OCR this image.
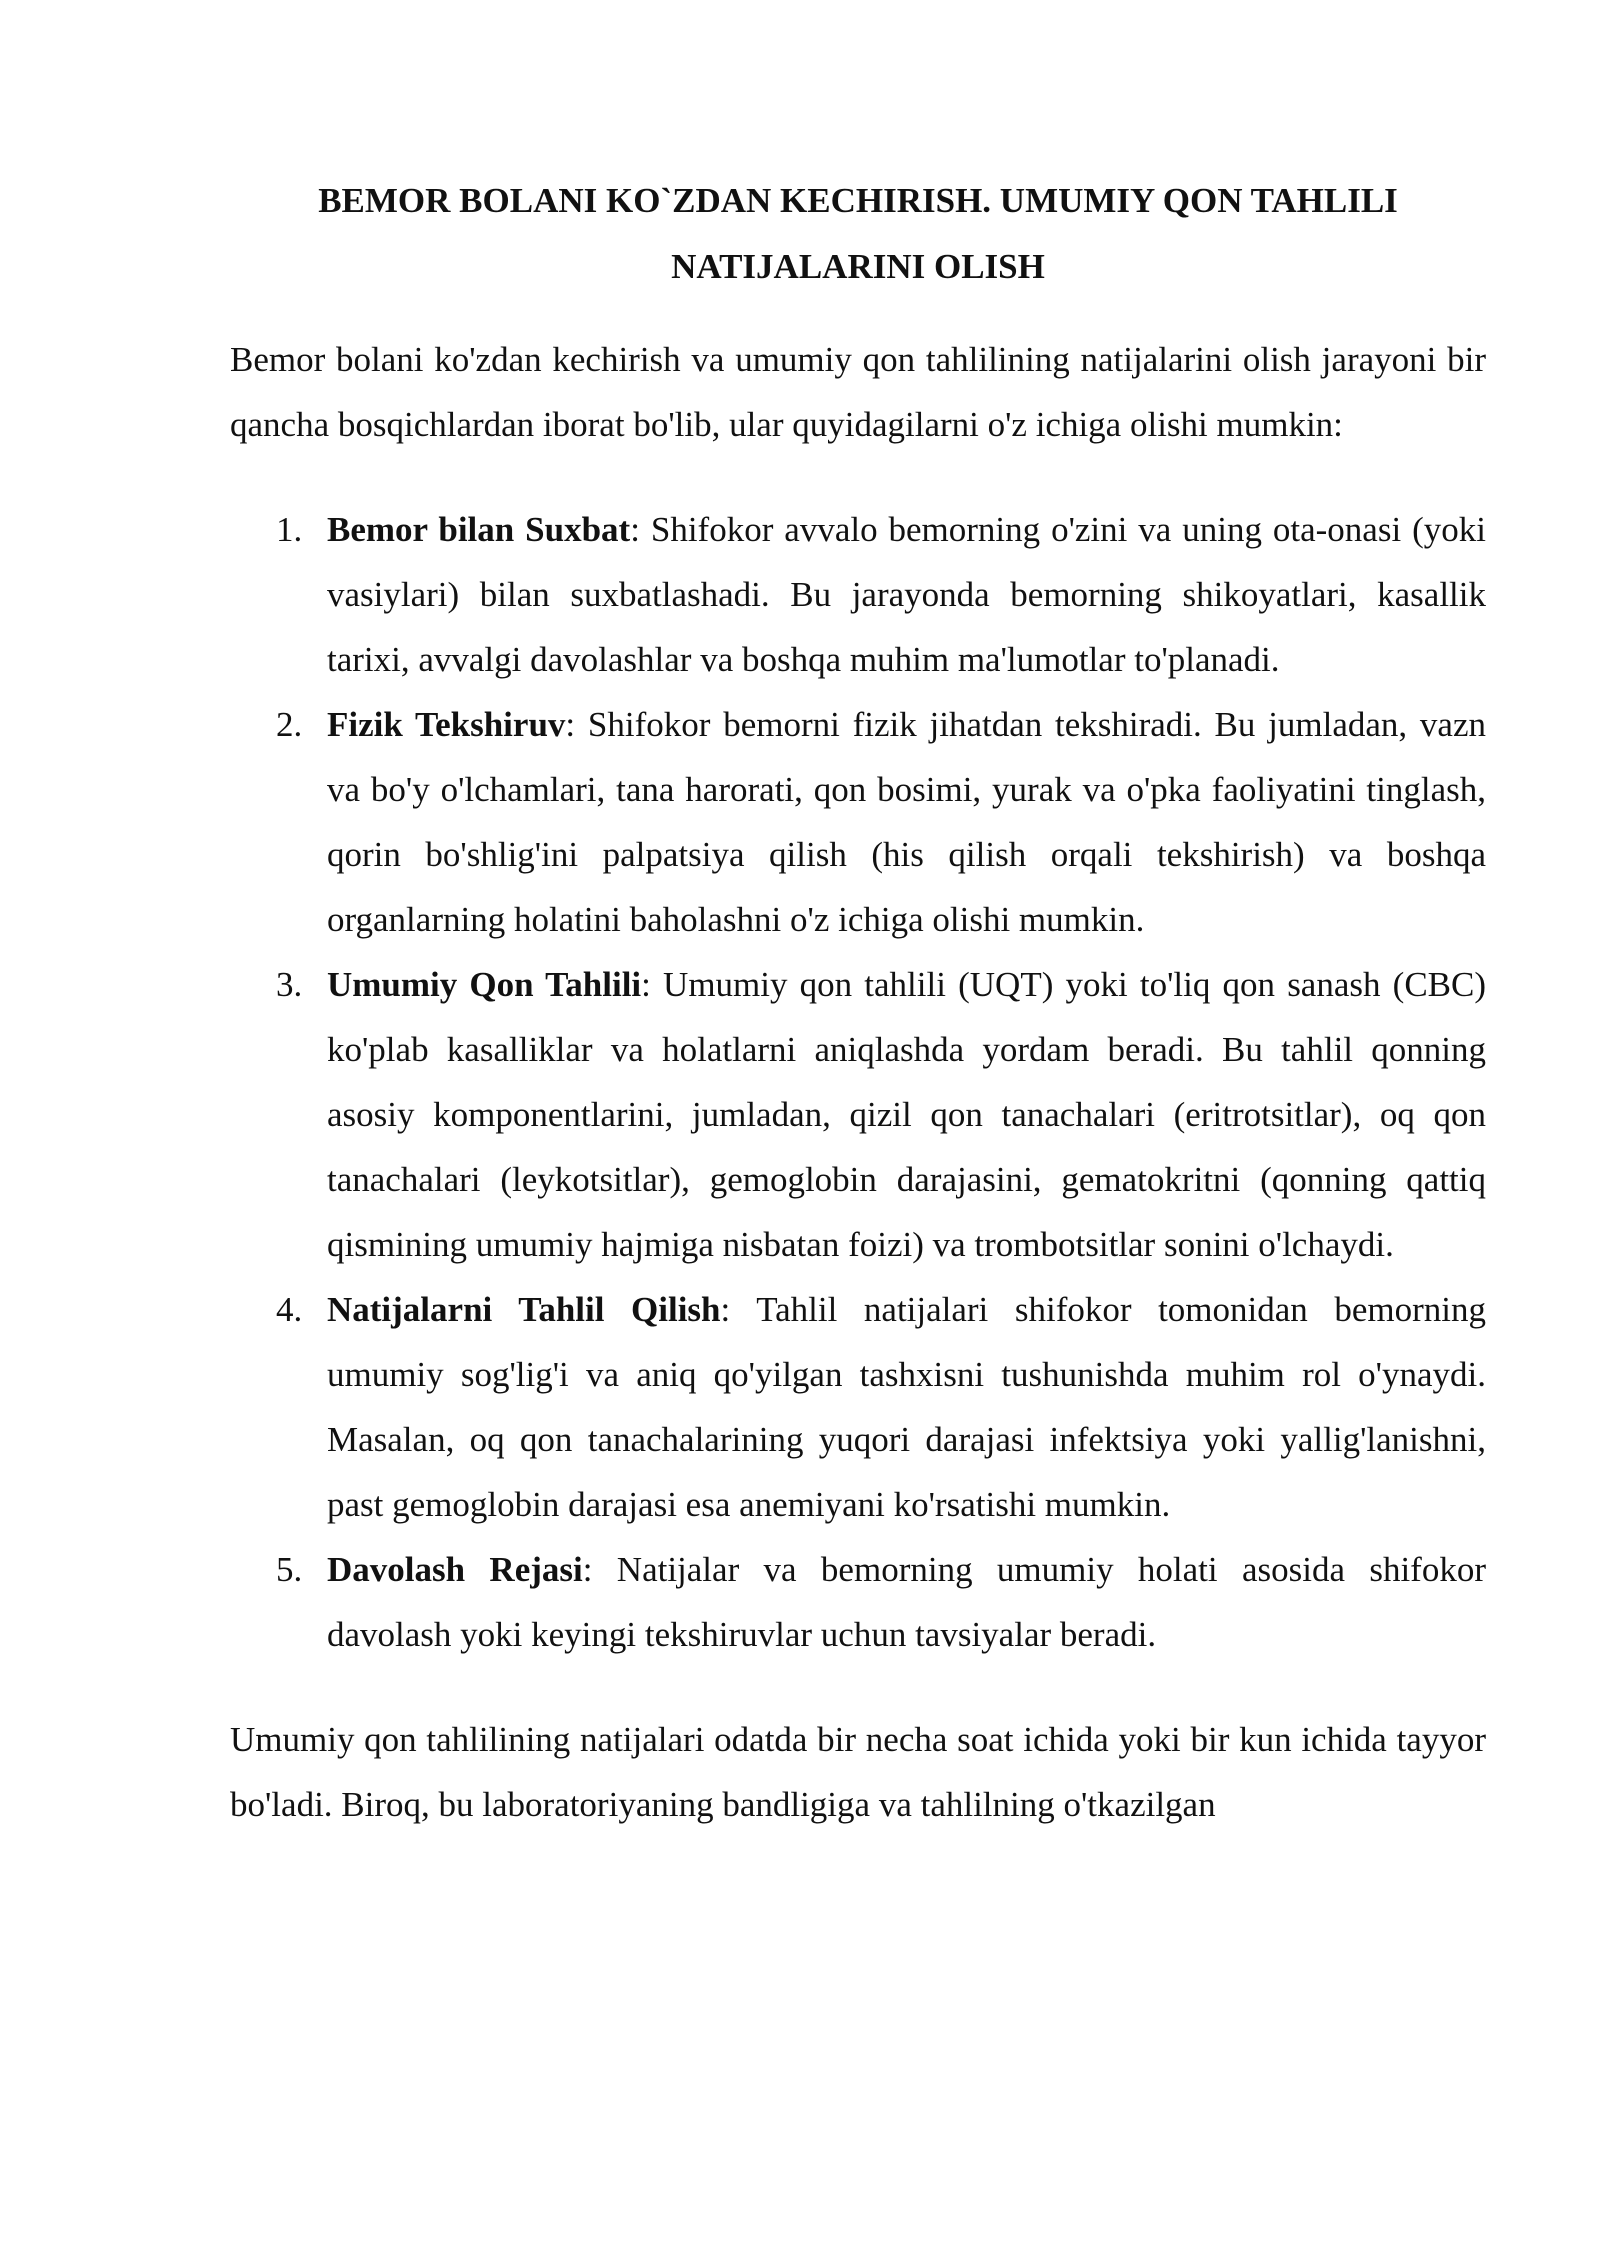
BEMOR BOLANI KO`ZDAN KECHIRISH. UMUMIY QON TAHLILI NATIJALARINI OLISH

Bemor bolani ko'zdan kechirish va umumiy qon tahlilining natijalarini olish jarayoni bir qancha bosqichlardan iborat bo'lib, ular quyidagilarni o'z ichiga olishi mumkin:

1. Bemor bilan Suxbat: Shifokor avvalo bemorning o'zini va uning ota-onasi (yoki vasiylari) bilan suxbatlashadi. Bu jarayonda bemorning shikoyatlari, kasallik tarixi, avvalgi davolashlar va boshqa muhim ma'lumotlar to'planadi.
2. Fizik Tekshiruv: Shifokor bemorni fizik jihatdan tekshiradi. Bu jumladan, vazn va bo'y o'lchamlari, tana harorati, qon bosimi, yurak va o'pka faoliyatini tinglash, qorin bo'shlig'ini palpatsiya qilish (his qilish orqali tekshirish) va boshqa organlarning holatini baholashni o'z ichiga olishi mumkin.
3. Umumiy Qon Tahlili: Umumiy qon tahlili (UQT) yoki to'liq qon sanash (CBC) ko'plab kasalliklar va holatlarni aniqlashda yordam beradi. Bu tahlil qonning asosiy komponentlarini, jumladan, qizil qon tanachalari (eritrotsitlar), oq qon tanachalari (leykotsitlar), gemoglobin darajasini, gematokritni (qonning qattiq qismining umumiy hajmiga nisbatan foizi) va trombotsitlar sonini o'lchaydi.
4. Natijalarni Tahlil Qilish: Tahlil natijalari shifokor tomonidan bemorning umumiy sog'lig'i va aniq qo'yilgan tashxisni tushunishda muhim rol o'ynaydi. Masalan, oq qon tanachalarining yuqori darajasi infektsiya yoki yallig'lanishni, past gemoglobin darajasi esa anemiyani ko'rsatishi mumkin.
5. Davolash Rejasi: Natijalar va bemorning umumiy holati asosida shifokor davolash yoki keyingi tekshiruvlar uchun tavsiyalar beradi.

Umumiy qon tahlilining natijalari odatda bir necha soat ichida yoki bir kun ichida tayyor bo'ladi. Biroq, bu laboratoriyaning bandligiga va tahlilning o'tkazilgan
